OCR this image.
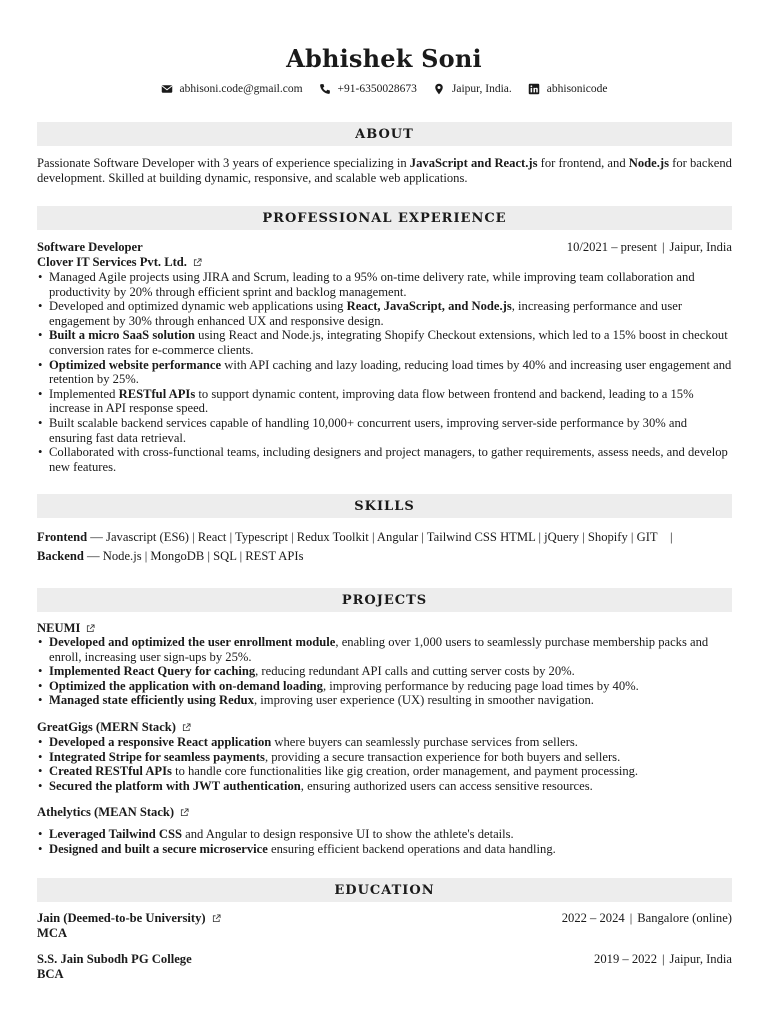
Abhishek Soni
abhisoni.code@gmail.com	+91-6350028673	Jaipur, India.	abhisonicode
ABOUT
Passionate Software Developer with 3 years of experience specializing in JavaScript and React.js for frontend, and Node.js for backend development. Skilled at building dynamic, responsive, and scalable web applications.
PROFESSIONAL EXPERIENCE
Software Developer	10/2021 – present | Jaipur, India
Clover IT Services Pvt. Ltd.
• Managed Agile projects using JIRA and Scrum, leading to a 95% on-time delivery rate, while improving team collaboration and productivity by 20% through efficient sprint and backlog management.
• Developed and optimized dynamic web applications using React, JavaScript, and Node.js, increasing performance and user engagement by 30% through enhanced UX and responsive design.
• Built a micro SaaS solution using React and Node.js, integrating Shopify Checkout extensions, which led to a 15% boost in checkout conversion rates for e-commerce clients.
• Optimized website performance with API caching and lazy loading, reducing load times by 40% and increasing user engagement and retention by 25%.
• Implemented RESTful APIs to support dynamic content, improving data flow between frontend and backend, leading to a 15% increase in API response speed.
• Built scalable backend services capable of handling 10,000+ concurrent users, improving server-side performance by 30% and ensuring fast data retrieval.
• Collaborated with cross-functional teams, including designers and project managers, to gather requirements, assess needs, and develop new features.
SKILLS
Frontend — Javascript (ES6) | React | Typescript | Redux Toolkit | Angular | Tailwind CSS HTML | jQuery | Shopify | GIT    |
Backend — Node.js | MongoDB | SQL | REST APIs
PROJECTS
NEUMI
• Developed and optimized the user enrollment module, enabling over 1,000 users to seamlessly purchase membership packs and enroll, increasing user sign-ups by 25%.
• Implemented React Query for caching, reducing redundant API calls and cutting server costs by 20%.
• Optimized the application with on-demand loading, improving performance by reducing page load times by 40%.
• Managed state efficiently using Redux, improving user experience (UX) resulting in smoother navigation.
GreatGigs (MERN Stack)
• Developed a responsive React application where buyers can seamlessly purchase services from sellers.
• Integrated Stripe for seamless payments, providing a secure transaction experience for both buyers and sellers.
• Created RESTful APIs to handle core functionalities like gig creation, order management, and payment processing.
• Secured the platform with JWT authentication, ensuring authorized users can access sensitive resources.
Athelytics (MEAN Stack)
• Leveraged Tailwind CSS and Angular to design responsive UI to show the athlete's details.
• Designed and built a secure microservice ensuring efficient backend operations and data handling.
EDUCATION
Jain (Deemed-to-be University)	2022 – 2024 | Bangalore (online)
MCA
S.S. Jain Subodh PG College	2019 – 2022 | Jaipur, India
BCA
